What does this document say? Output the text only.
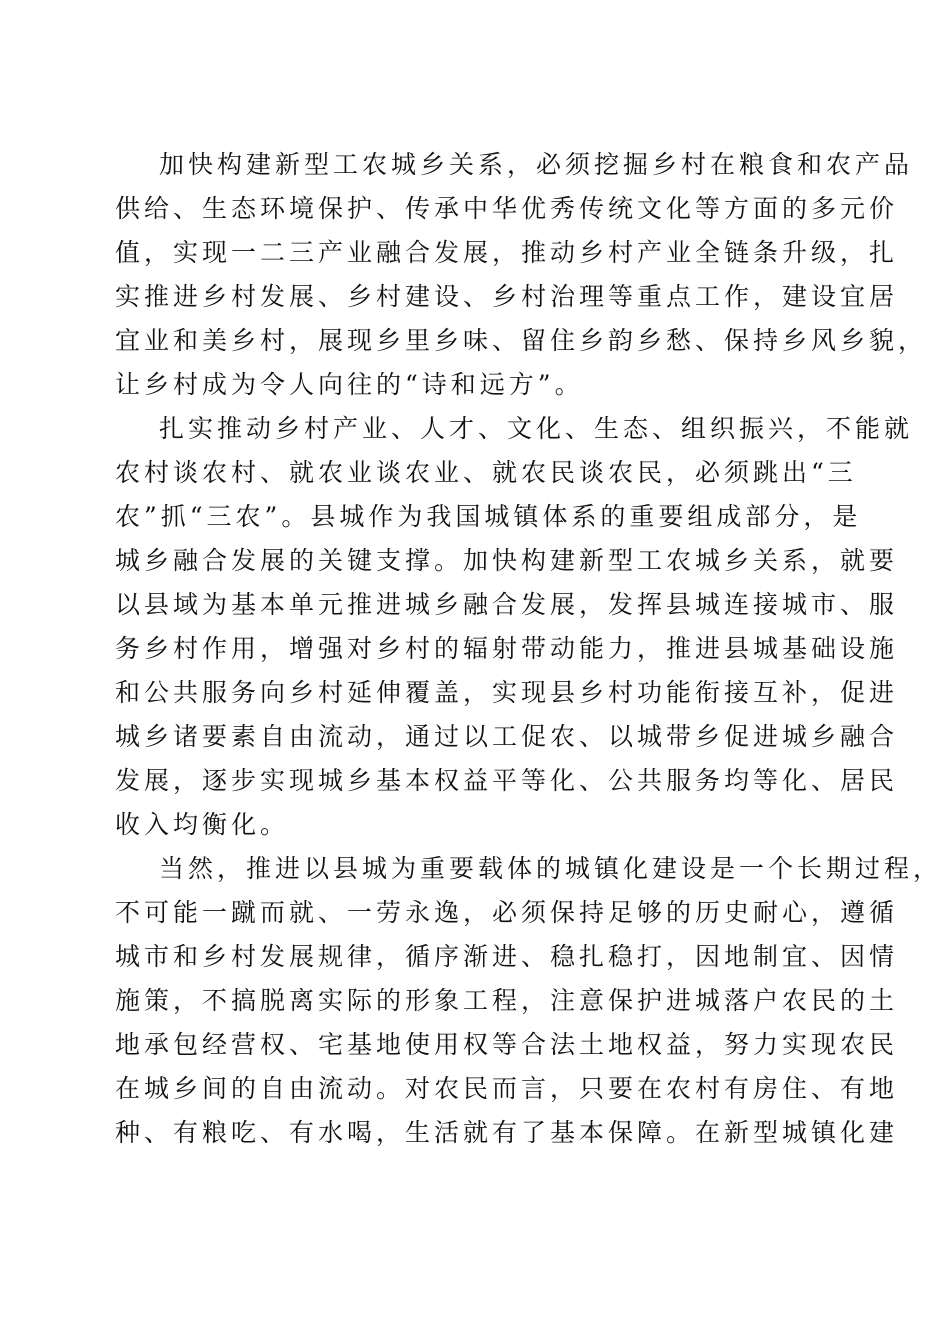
加快构建新型工农城乡关系，必须挖掘乡村在粮食和农产品
供给、生态环境保护、传承中华优秀传统文化等方面的多元价
值，实现一二三产业融合发展，推动乡村产业全链条升级，扎
实推进乡村发展、乡村建设、乡村治理等重点工作，建设宜居
宜业和美乡村，展现乡里乡味、留住乡韵乡愁、保持乡风乡貌，
让乡村成为令人向往的“诗和远方”。
扎实推动乡村产业、人才、文化、生态、组织振兴，不能就
农村谈农村、就农业谈农业、就农民谈农民，必须跳出“三
农”抓“三农”。县城作为我国城镇体系的重要组成部分，是
城乡融合发展的关键支撑。加快构建新型工农城乡关系，就要
以县域为基本单元推进城乡融合发展，发挥县城连接城市、服
务乡村作用，增强对乡村的辐射带动能力，推进县城基础设施
和公共服务向乡村延伸覆盖，实现县乡村功能衔接互补，促进
城乡诸要素自由流动，通过以工促农、以城带乡促进城乡融合
发展，逐步实现城乡基本权益平等化、公共服务均等化、居民
收入均衡化。
当然，推进以县城为重要载体的城镇化建设是一个长期过程，
不可能一蹴而就、一劳永逸，必须保持足够的历史耐心，遵循
城市和乡村发展规律，循序渐进、稳扎稳打，因地制宜、因情
施策，不搞脱离实际的形象工程，注意保护进城落户农民的土
地承包经营权、宅基地使用权等合法土地权益，努力实现农民
在城乡间的自由流动。对农民而言，只要在农村有房住、有地
种、有粮吃、有水喝，生活就有了基本保障。在新型城镇化建
